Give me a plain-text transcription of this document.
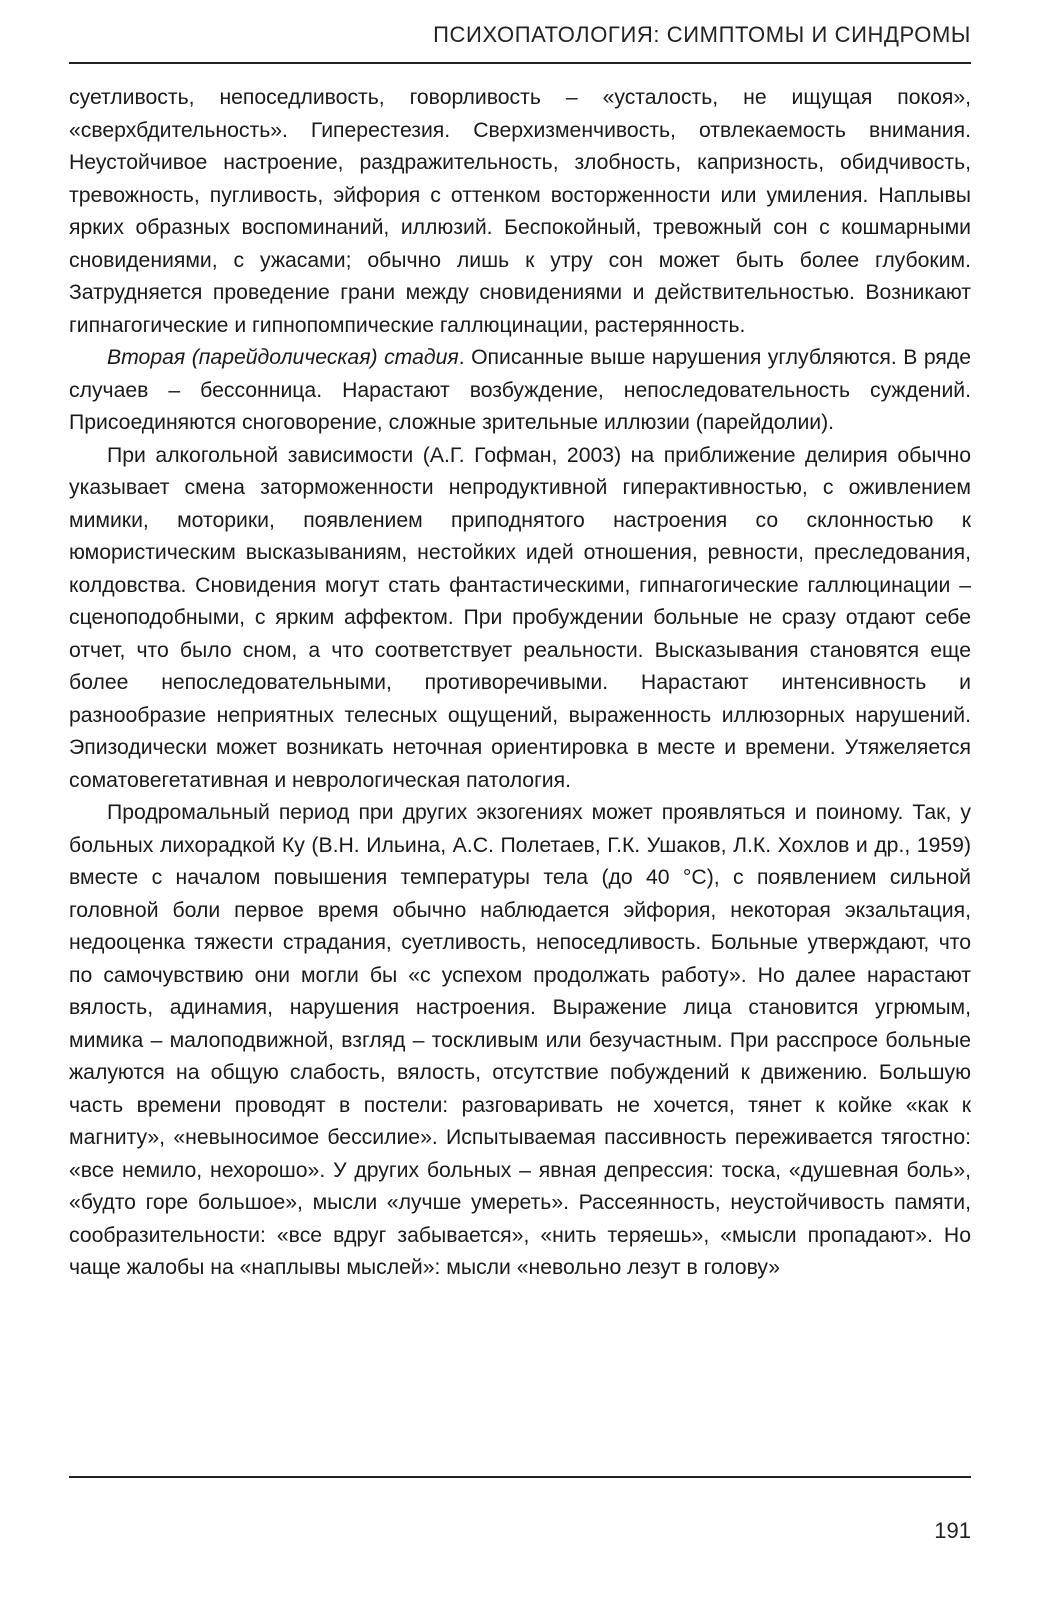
ПСИХОПАТОЛОГИЯ: СИМПТОМЫ И СИНДРОМЫ

суетливость, непоседливость, говорливость – «усталость, не ищущая покоя», «сверхбдительность». Гиперестезия. Сверхизменчивость, отвлекаемость внимания. Неустойчивое настроение, раздражительность, злобность, капризность, обидчивость, тревожность, пугливость, эйфория с оттенком восторженности или умиления. Наплывы ярких образных воспоминаний, иллюзий. Беспокойный, тревожный сон с кошмарными сновидениями, с ужасами; обычно лишь к утру сон может быть более глубоким. Затрудняется проведение грани между сновидениями и действительностью. Возникают гипнагогические и гипнопомпические галлюцинации, растерянность.

Вторая (парейдолическая) стадия. Описанные выше нарушения углубляются. В ряде случаев – бессонница. Нарастают возбуждение, непоследовательность суждений. Присоединяются сноговорение, сложные зрительные иллюзии (парейдолии).

При алкогольной зависимости (А.Г. Гофман, 2003) на приближение делирия обычно указывает смена заторможенности непродуктивной гиперактивностью, с оживлением мимики, моторики, появлением приподнятого настроения со склонностью к юмористическим высказываниям, нестойких идей отношения, ревности, преследования, колдовства. Сновидения могут стать фантастическими, гипнагогические галлюцинации – сценоподобными, с ярким аффектом. При пробуждении больные не сразу отдают себе отчет, что было сном, а что соответствует реальности. Высказывания становятся еще более непоследовательными, противоречивыми. Нарастают интенсивность и разнообразие неприятных телесных ощущений, выраженность иллюзорных нарушений. Эпизодически может возникать неточная ориентировка в месте и времени. Утяжеляется соматовегетативная и неврологическая патология.

Продромальный период при других экзогениях может проявляться и поиному. Так, у больных лихорадкой Ку (В.Н. Ильина, А.С. Полетаев, Г.К. Ушаков, Л.К. Хохлов и др., 1959) вместе с началом повышения температуры тела (до 40 °С), с появлением сильной головной боли первое время обычно наблюдается эйфория, некоторая экзальтация, недооценка тяжести страдания, суетливость, непоседливость. Больные утверждают, что по самочувствию они могли бы «с успехом продолжать работу». Но далее нарастают вялость, адинамия, нарушения настроения. Выражение лица становится угрюмым, мимика – малоподвижной, взгляд – тоскливым или безучастным. При расспросе больные жалуются на общую слабость, вялость, отсутствие побуждений к движению. Большую часть времени проводят в постели: разговаривать не хочется, тянет к койке «как к магниту», «невыносимое бессилие». Испытываемая пассивность переживается тягостно: «все немило, нехорошо». У других больных – явная депрессия: тоска, «душевная боль», «будто горе большое», мысли «лучше умереть». Рассеянность, неустойчивость памяти, сообразительности: «все вдруг забывается», «нить теряешь», «мысли пропадают». Но чаще жалобы на «наплывы мыслей»: мысли «невольно лезут в голову»

191
